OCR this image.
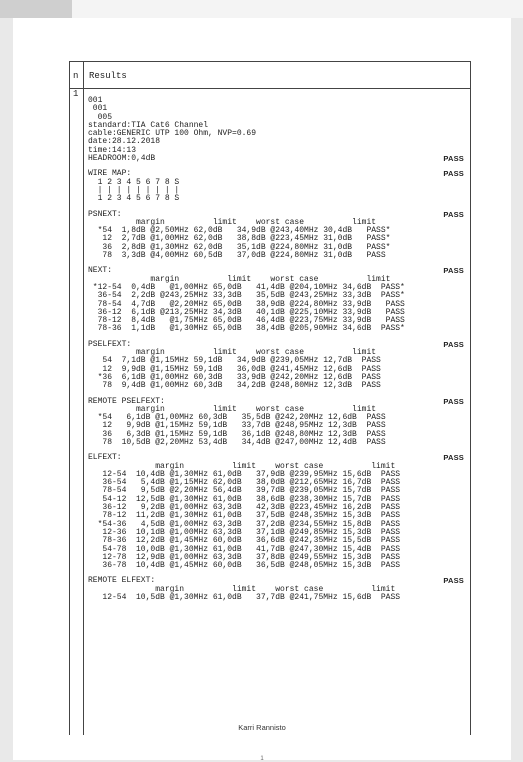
n Results
1
001
001
005
standard:TIA Cat6 Channel
cable:GENERIC UTP 100 Ohm, NVP=0.69
date:28.12.2018
time:14:13
HEADROOM:0,4dB	PASS
WIRE MAP:	PASS
1 2 3 4 5 6 7 8 S
| | | | | | | | |
1 2 3 4 5 6 7 8 S
PSNEXT:	PASS
margin          limit    worst case          limit
*54  1,8dB @2,50MHz 62,0dB   34,9dB @243,40MHz 30,4dB   PASS*
12  2,7dB @1,00MHz 62,0dB   38,8dB @223,45MHz 31,0dB   PASS*
36  2,8dB @1,30MHz 62,0dB   35,1dB @224,80MHz 31,0dB   PASS*
78  3,3dB @4,00MHz 60,5dB   37,0dB @224,80MHz 31,0dB   PASS
NEXT:	PASS
margin          limit    worst case          limit
*12-54  0,4dB   @1,00MHz 65,0dB   41,4dB @204,10MHz 34,6dB  PASS*
36-54  2,2dB @243,25MHz 33,3dB   35,5dB @243,25MHz 33,3dB  PASS*
78-54  4,7dB   @2,20MHz 65,0dB   38,9dB @224,80MHz 33,9dB   PASS
36-12  6,1dB @213,25MHz 34,3dB   40,1dB @225,10MHz 33,9dB   PASS
78-12  8,4dB   @1,75MHz 65,0dB   46,4dB @223,75MHz 33,9dB   PASS
78-36  1,1dB   @1,30MHz 65,0dB   38,4dB @205,90MHz 34,6dB  PASS*
PSELFEXT:	PASS
margin          limit    worst case          limit
54  7,1dB @1,15MHz 59,1dB   34,9dB @239,05MHz 12,7dB  PASS
12  9,9dB @1,15MHz 59,1dB   36,0dB @241,45MHz 12,6dB  PASS
*36  6,1dB @1,00MHz 60,3dB   33,9dB @242,20MHz 12,6dB  PASS
78  9,4dB @1,00MHz 60,3dB   34,2dB @248,80MHz 12,3dB  PASS
REMOTE PSELFEXT:	PASS
margin          limit    worst case          limit
*54   6,1dB @1,00MHz 60,3dB   35,5dB @242,20MHz 12,6dB  PASS
12   9,9dB @1,15MHz 59,1dB   33,7dB @248,95MHz 12,3dB  PASS
36   6,3dB @1,15MHz 59,1dB   36,1dB @248,80MHz 12,3dB  PASS
78  10,5dB @2,20MHz 53,4dB   34,4dB @247,00MHz 12,4dB  PASS
ELFEXT:	PASS
margin          limit    worst case          limit
12-54  10,4dB @1,30MHz 61,0dB   37,9dB @239,95MHz 15,6dB  PASS
36-54   5,4dB @1,15MHz 62,0dB   38,0dB @212,65MHz 16,7dB  PASS
78-54   9,5dB @2,20MHz 56,4dB   39,7dB @239,05MHz 15,7dB  PASS
54-12  12,5dB @1,30MHz 61,0dB   38,6dB @238,30MHz 15,7dB  PASS
36-12   9,2dB @1,00MHz 63,3dB   42,3dB @223,45MHz 16,2dB  PASS
78-12  11,2dB @1,30MHz 61,0dB   37,5dB @248,35MHz 15,3dB  PASS
*54-36   4,5dB @1,00MHz 63,3dB   37,2dB @234,55MHz 15,8dB  PASS
12-36  10,1dB @1,00MHz 63,3dB   37,1dB @249,85MHz 15,3dB  PASS
78-36  12,2dB @1,45MHz 60,0dB   36,6dB @242,35MHz 15,5dB  PASS
54-78  10,0dB @1,30MHz 61,0dB   41,7dB @247,30MHz 15,4dB  PASS
12-78  12,9dB @1,00MHz 63,3dB   37,8dB @249,55MHz 15,3dB  PASS
36-78  10,4dB @1,45MHz 60,0dB   36,5dB @248,05MHz 15,3dB  PASS
REMOTE ELFEXT:	PASS
margin          limit    worst case          limit
12-54  10,5dB @1,30MHz 61,0dB   37,7dB @241,75MHz 15,6dB  PASS
Karri Rannisto
1
